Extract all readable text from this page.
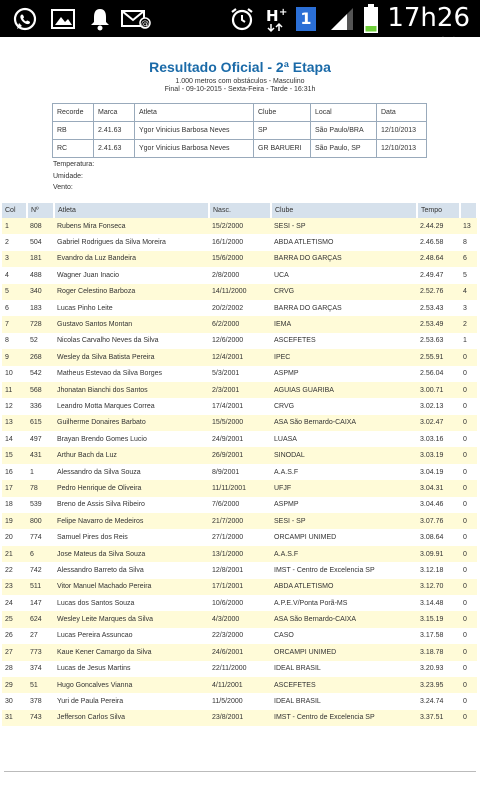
@	H + 1	17h26
Resultado Oficial - 2ª Etapa
1.000 metros com obstáculos - Masculino
Final - 09-10-2015 - Sexta-Feira - Tarde - 16:31h
Recorde	Marca	Atleta	Clube	Local	Data
RB	2.41.63	Ygor Vinicius Barbosa Neves	SP	São Paulo/BRA	12/10/2013
RC	2.41.63	Ygor Vinicius Barbosa Neves	GR BARUERI	São Paulo, SP	12/10/2013
Temperatura:
Umidade:
Vento:
Col	Nº	Atleta	Nasc.	Clube	Tempo	
1	808	Rubens Mira Fonseca	15/2/2000	SESI - SP	2.44.29	13
2	504	Gabriel Rodrigues da Silva Moreira	16/1/2000	ABDA ATLETISMO	2.46.58	8
3	181	Evandro da Luz Bandeira	15/6/2000	BARRA DO GARÇAS	2.48.64	6
4	488	Wagner Juan Inacio	2/8/2000	UCA	2.49.47	5
5	340	Roger Celestino Barboza	14/11/2000	CRVG	2.52.76	4
6	183	Lucas Pinho Leite	20/2/2002	BARRA DO GARÇAS	2.53.43	3
7	728	Gustavo Santos Montan	6/2/2000	IEMA	2.53.49	2
8	52	Nicolas Carvalho Neves da Silva	12/6/2000	ASCEFETES	2.53.63	1
9	268	Wesley da Silva Batista Pereira	12/4/2001	IPEC	2.55.91	0
10	542	Matheus Estevao da Silva Borges	5/3/2001	ASPMP	2.56.04	0
11	568	Jhonatan Bianchi dos Santos	2/3/2001	AGUIAS GUARIBA	3.00.71	0
12	336	Leandro Motta Marques Correa	17/4/2001	CRVG	3.02.13	0
13	615	Guilherme Donaires Barbato	15/5/2000	ASA São Bernardo-CAIXA	3.02.47	0
14	497	Brayan Brendo Gomes Lucio	24/9/2001	LUASA	3.03.16	0
15	431	Arthur Bach da Luz	26/9/2001	SINODAL	3.03.19	0
16	1	Alessandro da Silva Souza	8/9/2001	A.A.S.F	3.04.19	0
17	78	Pedro Henrique de Oliveira	11/11/2001	UFJF	3.04.31	0
18	539	Breno de Assis Silva Ribeiro	7/6/2000	ASPMP	3.04.46	0
19	800	Felipe Navarro de Medeiros	21/7/2000	SESI - SP	3.07.76	0
20	774	Samuel Pires dos Reis	27/1/2000	ORCAMPI UNIMED	3.08.64	0
21	6	Jose Mateus da Silva Souza	13/1/2000	A.A.S.F	3.09.91	0
22	742	Alessandro Barreto da Silva	12/8/2001	IMST - Centro de Excelencia SP	3.12.18	0
23	511	Vitor Manuel Machado Pereira	17/1/2001	ABDA ATLETISMO	3.12.70	0
24	147	Lucas dos Santos Souza	10/6/2000	A.P.E.V/Ponta Porã-MS	3.14.48	0
25	624	Wesley Leite Marques da Silva	4/3/2000	ASA São Bernardo-CAIXA	3.15.19	0
26	27	Lucas Pereira Assuncao	22/3/2000	CASO	3.17.58	0
27	773	Kaue Kener Camargo da Silva	24/6/2001	ORCAMPI UNIMED	3.18.78	0
28	374	Lucas de Jesus Martins	22/11/2000	IDEAL BRASIL	3.20.93	0
29	51	Hugo Goncalves Vianna	4/11/2001	ASCEFETES	3.23.95	0
30	378	Yuri de Paula Pereira	11/5/2000	IDEAL BRASIL	3.24.74	0
31	743	Jefferson Carlos Silva	23/8/2001	IMST - Centro de Excelencia SP	3.37.51	0
